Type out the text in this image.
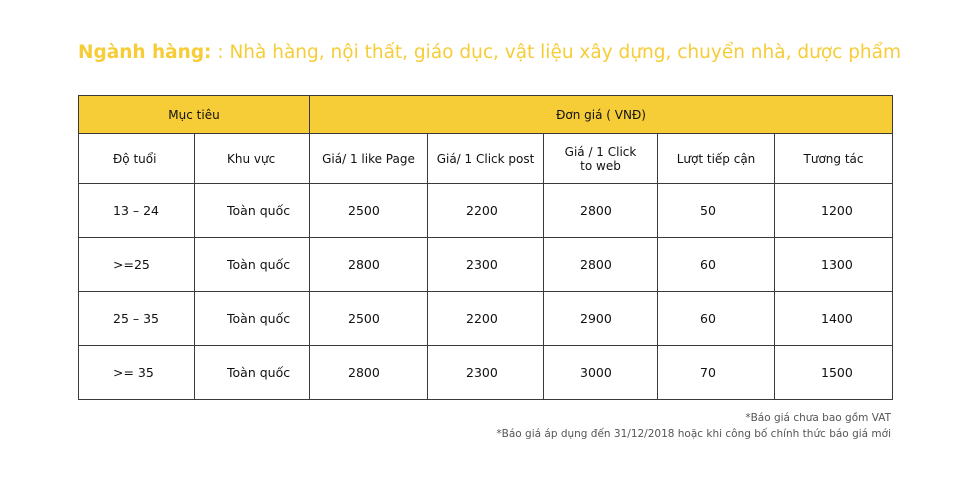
Ngành hàng: : Nhà hàng, nội thất, giáo dục, vật liệu xây dựng, chuyển nhà, dược phẩm
Mục tiêu		Đơn giá ( VNĐ)				
Độ tuổi	Khu vực	Giá/ 1 like Page	Giá/ 1 Click post	Giá / 1 Click to web	Lượt tiếp cận	Tương tác
13 – 24	Toàn quốc	2500	2200	2800	50	1200
>=25	Toàn quốc	2800	2300	2800	60	1300
25 – 35	Toàn quốc	2500	2200	2900	60	1400
>= 35	Toàn quốc	2800	2300	3000	70	1500
*Báo giá chưa bao gồm VAT
*Báo giá áp dụng đến 31/12/2018 hoặc khi công bố chính thức báo giá mới
